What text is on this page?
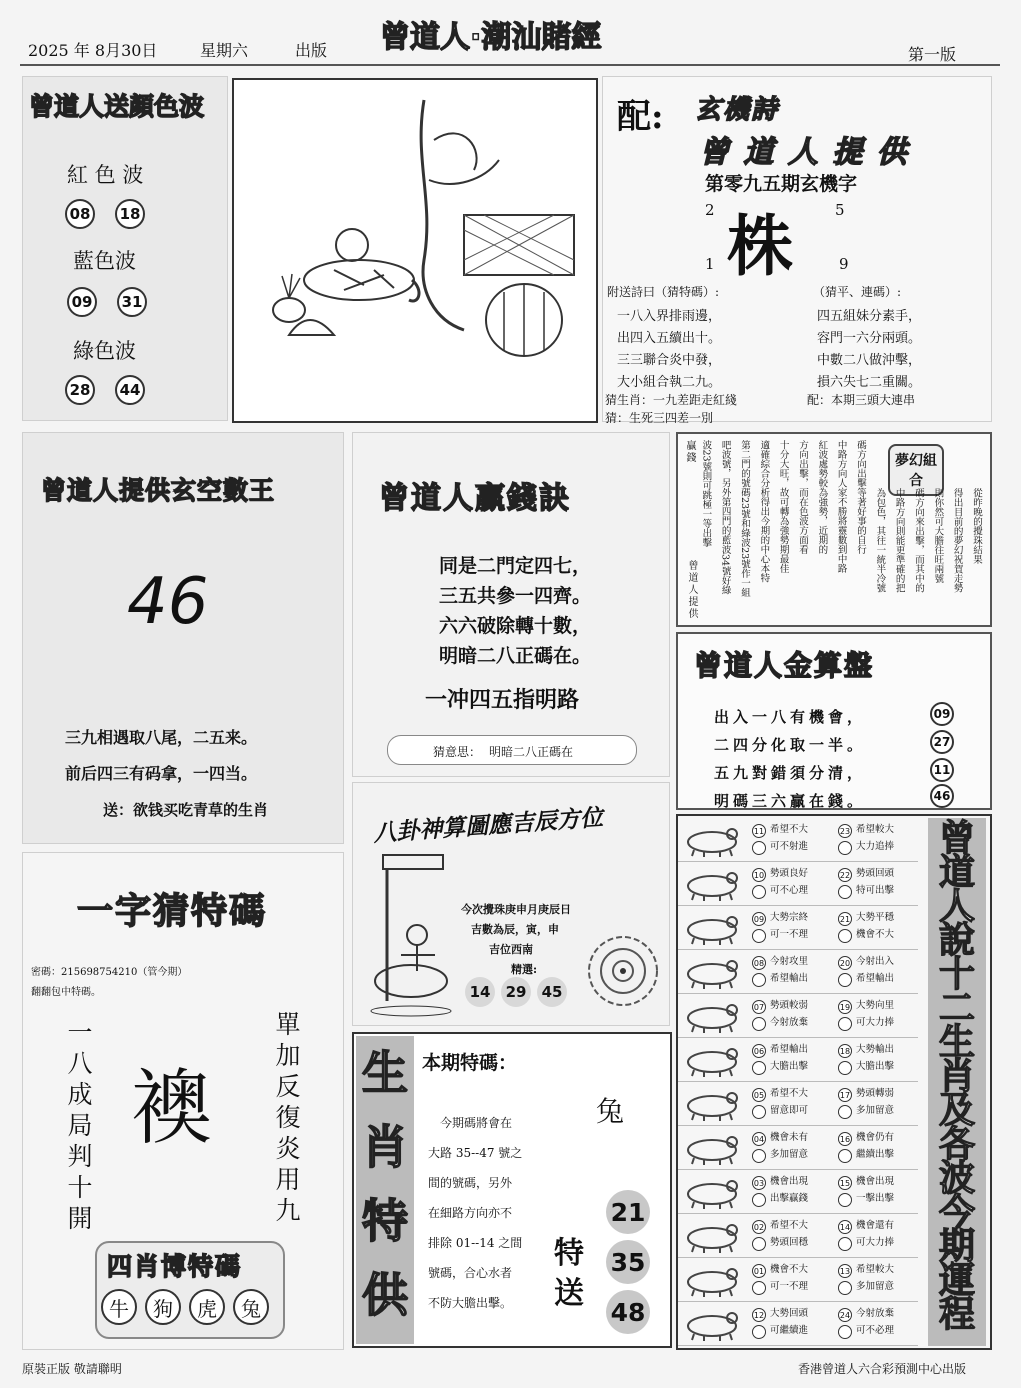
2025 年 8月30日	星期六	出版 曾道人·潮汕賭經	第一版
曾道人送顏色波
紅 色 波
08	18
藍色波
09	31
綠色波
28	44
配: 玄機詩
曾 道 人 提 供
第零九五期玄機字
2	5
株
1	9
附送詩曰（猜特碼）:	（猜平、連碼）:
一八入界排雨邊，
出四入五續出十。
三三聯合炎中發，
大小組合執二九。
四五組妹分素手，
容門一六分兩頭。
中數二八做沖擊，
損六失七二重關。
猜生肖：一九差距走紅綫	配：本期三頭大連串
猜：生死三四差一別
曾道人提供玄空數王
46
三九相遇取八尾，二五来。
前后四三有码拿，一四当。
送：欲钱买吃青草的生肖
曾道人贏錢訣
同是二門定四七，
三五共參一四齊。
六六破除轉十數，
明暗二八正碼在。
一冲四五指明路
猜意思： 明暗二八正碼在
贏錢
曾道人提供
夢幻組合
從昨晚的攪珠結果
得出目前的夢幻祝賀走勢
則你然可大膽往旺兩號
碼方向來出擊，而其中的
中路方向則能更準確的把
為包色，其往一統半冷號
碼方向出擊等著好事的自行
中路方向人家不勝將靈數到中路
紅波處勢較為強勢，近期的
方向出擊，而在色波方面看
十分大旺，故可轉為強勢期最佳
適確綜合分析得出今期的中心本特
第二門的號碼23號和綠波23號作一組
吧波號，另外第四門的藍波34號好綠
波23號則可跳極一等出擊
曾道人金算盤
出入一八有機會，	09
二四分化取一半。	27
五九對錯須分清，	11
明碼三六贏在錢。	46
一字猜特碼
密碼：215698754210（管今期）
翻翻包中特碼。
一八成局判十開
襖
單加反復炎用九
四肖博特碼
牛	狗	虎	兔
八卦神算圖應吉辰方位
今次攪珠庚申月庚辰日
吉數為辰，寅，申
吉位西南
精選:
14	29	45
生肖特供
本期特碼：
今期碼將會在
大路 35--47 號之
間的號碼，另外
在細路方向亦不
排除 01--14 之間
號碼，合心水者
不防大膽出擊。
兔
特送
21
35
48
11 希望不大
可不射進
23 希望較大
大力追捧
10 勢頭良好
可不心理
22 勢頭回頭
特可出擊
09 大勢宗終
可一不理
21 大勢平穩
機會不大
08 今射攻里
希望輸出
20 今射出入
希望輸出
07 勢頭較弱
今射放棄
19 大勢向里
可大力捧
06 希望輸出
大膽出擊
18 大勢輸出
大膽出擊
05 希望不大
留意即可
17 勢頭轉弱
多加留意
04 機會未有
多加留意
16 機會仍有
繼續出擊
03 機會出現
出擊贏錢
15 機會出現
一擊出擊
02 希望不大
勢頭回穩
14 機會還有
可大力捧
01 機會不大
可一不理
13 希望較大
多加留意
12 大勢回頭
可繼續進
24 今射放棄
可不必理
曾道人說十二生肖及各波今期運程
原裝正版 敬請聯明	香港曾道人六合彩預測中心出版
